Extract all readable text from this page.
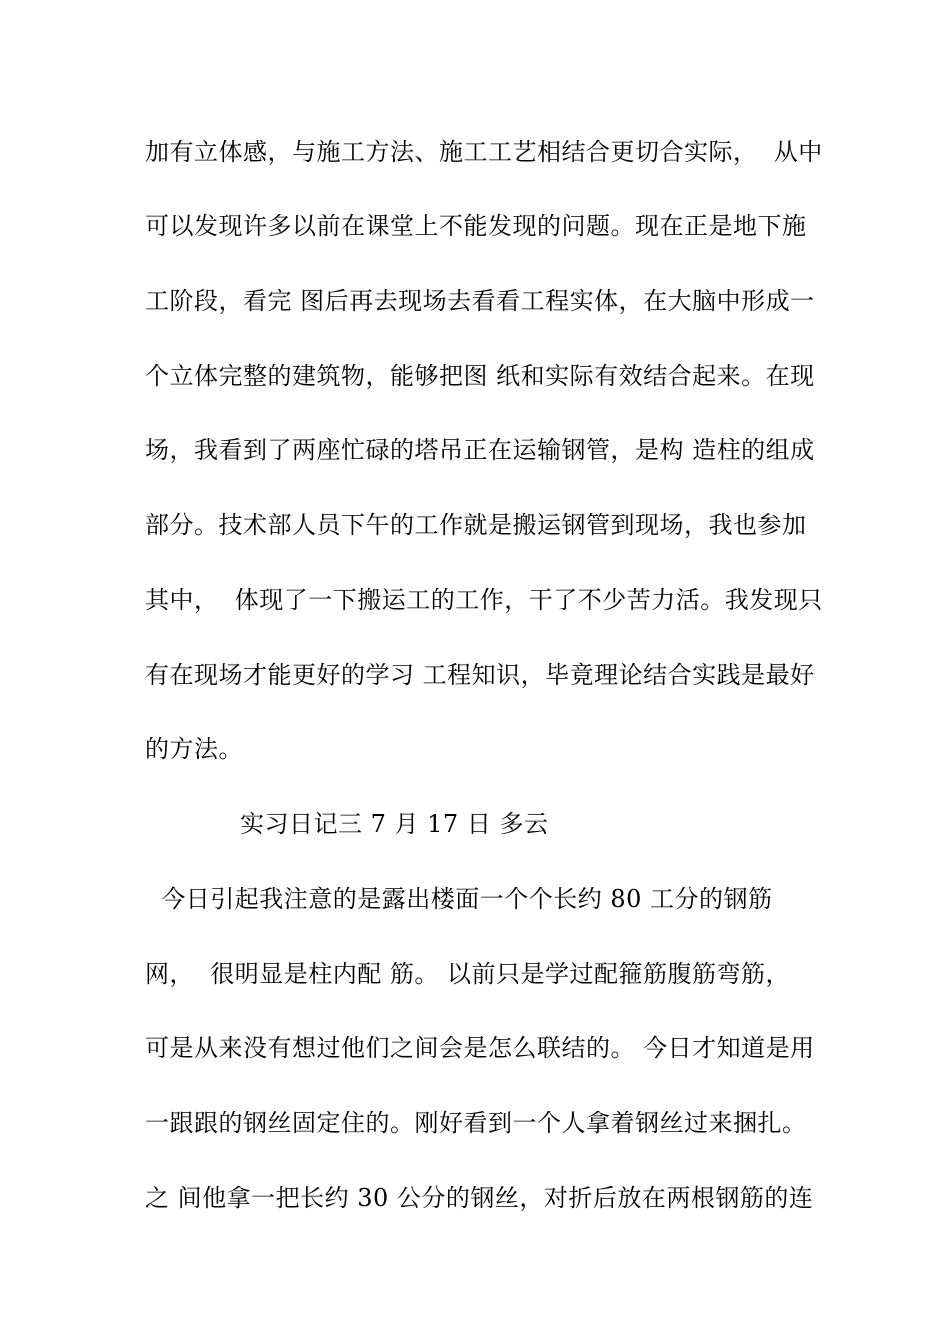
加有立体感，与施工方法、施工工艺相结合更切合实际，  从中
可以发现许多以前在课堂上不能发现的问题。现在正是地下施
工阶段，看完 图后再去现场去看看工程实体，在大脑中形成一
个立体完整的建筑物，能够把图 纸和实际有效结合起来。在现
场，我看到了两座忙碌的塔吊正在运输钢管，是构 造柱的组成
部分。技术部人员下午的工作就是搬运钢管到现场，我也参加
其中，  体现了一下搬运工的工作，干了不少苦力活。我发现只
有在现场才能更好的学习 工程知识，毕竟理论结合实践是最好
的方法。
实习日记三 7 月 17 日 多云
今日引起我注意的是露出楼面一个个长约 80 工分的钢筋
网，  很明显是柱内配 筋。 以前只是学过配箍筋腹筋弯筋，
可是从来没有想过他们之间会是怎么联结的。 今日才知道是用
一跟跟的钢丝固定住的。刚好看到一个人拿着钢丝过来捆扎。
之 间他拿一把长约 30 公分的钢丝，对折后放在两根钢筋的连
